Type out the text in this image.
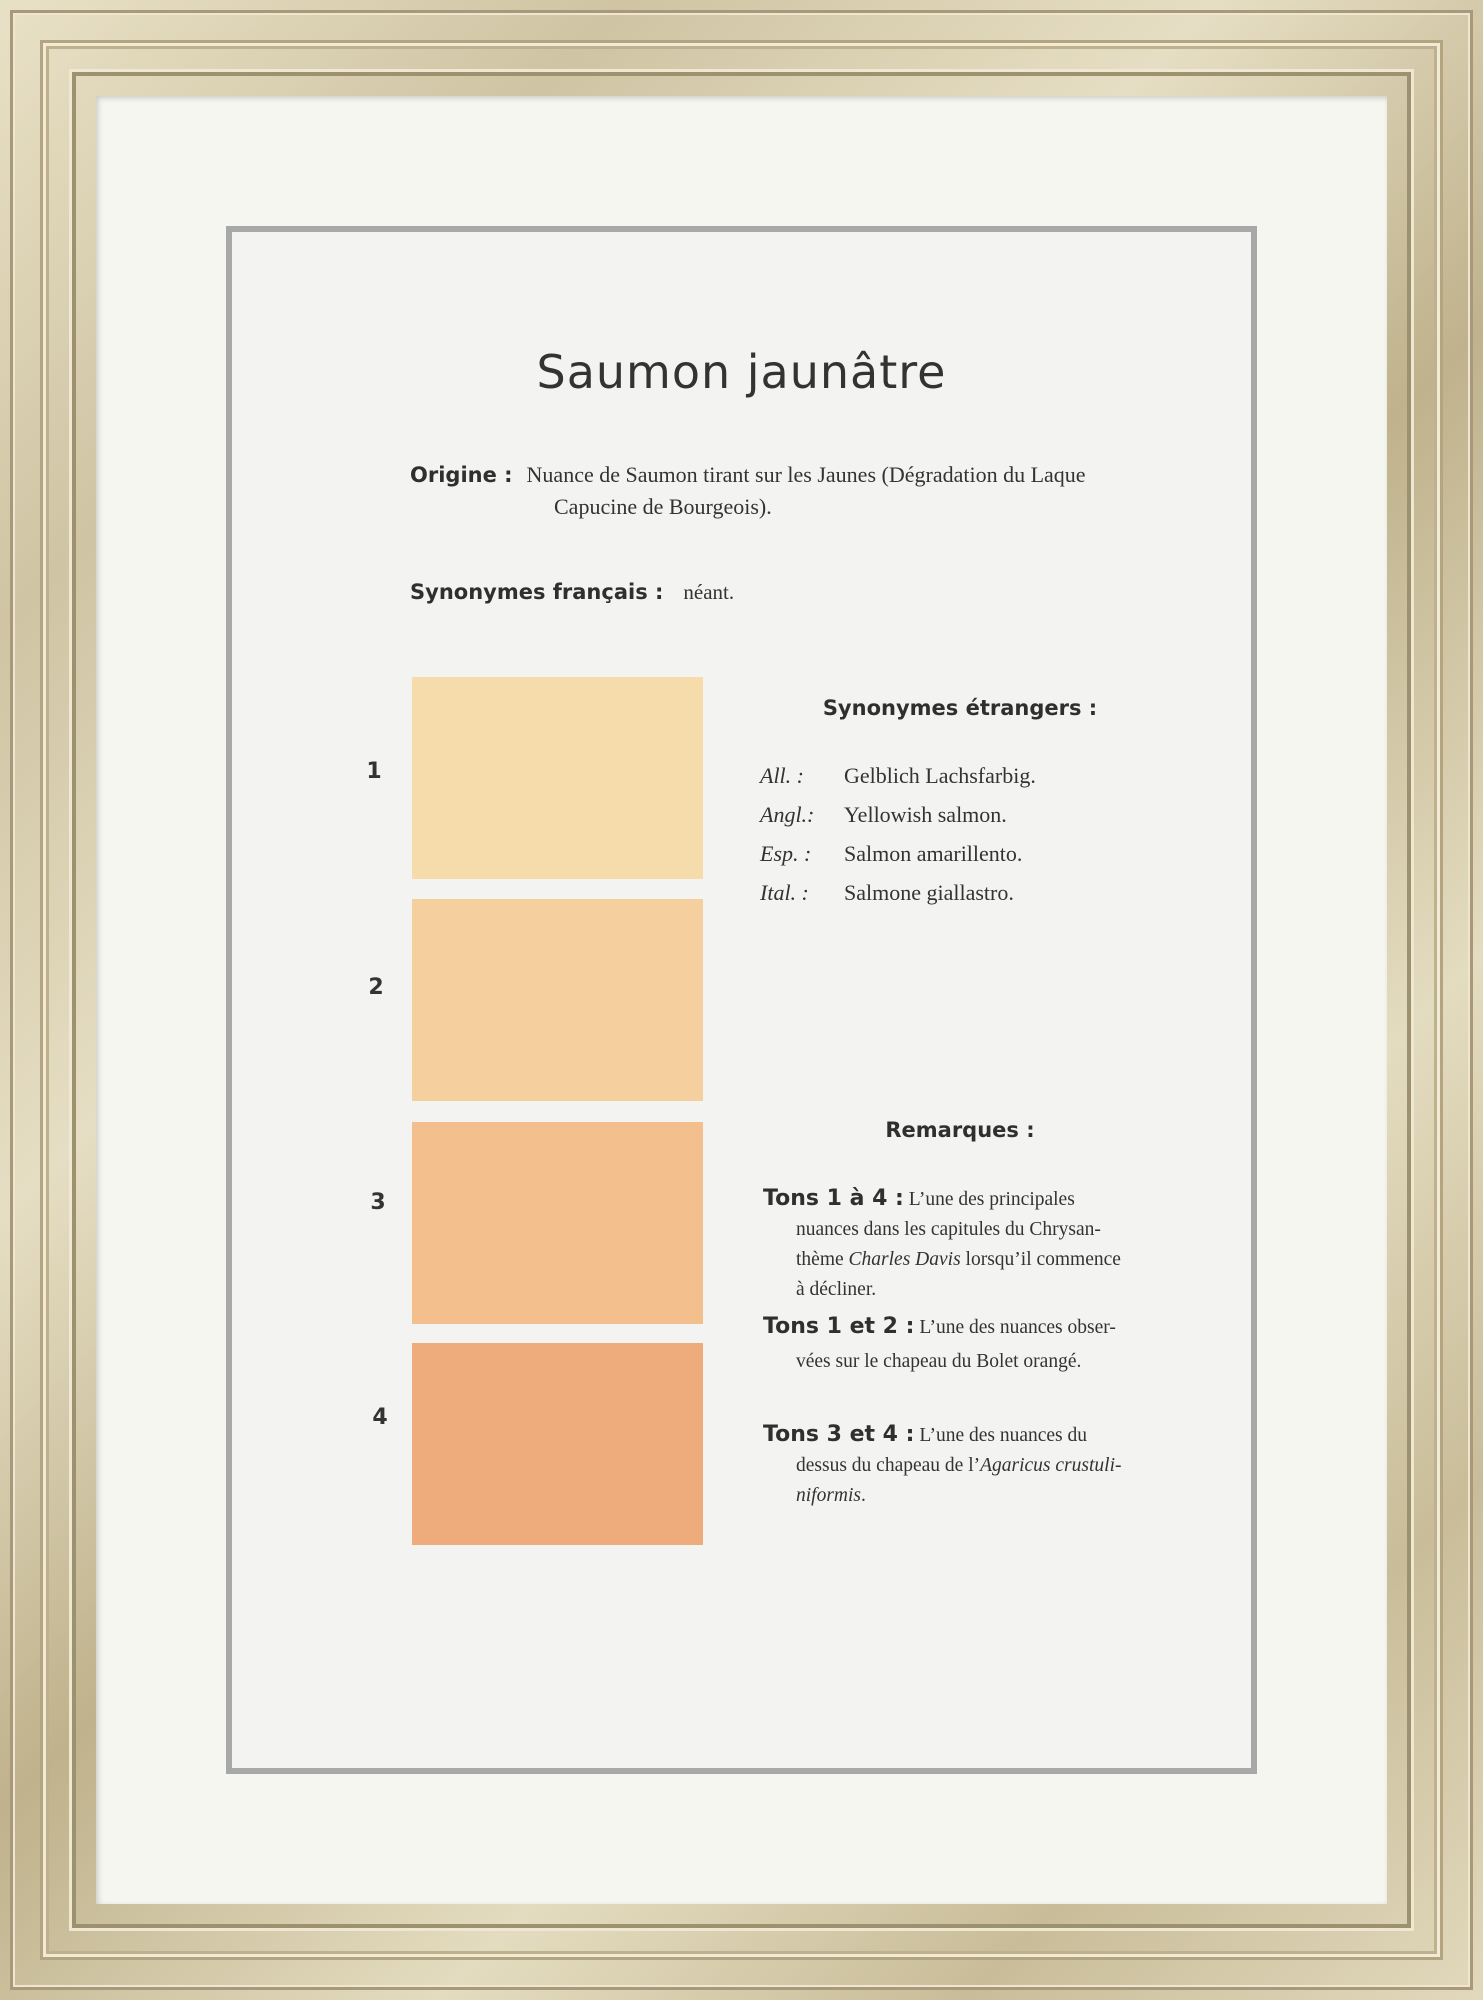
Saumon jaunâtre
Origine : Nuance de Saumon tirant sur les Jaunes (Dégradation du Laque
Capucine de Bourgeois).
Synonymes français : néant.
1
2
3
4
Synonymes étrangers :
All. : Gelblich Lachsfarbig.
Angl.: Yellowish salmon.
Esp. : Salmon amarillento.
Ital. : Salmone giallastro.
Remarques :
Tons 1 à 4 : L’une des principales
nuances dans les capitules du Chrysan-
thème Charles Davis lorsqu’il commence
à décliner.
Tons 1 et 2 : L’une des nuances obser-
vées sur le chapeau du Bolet orangé.
Tons 3 et 4 : L’une des nuances du
dessus du chapeau de l’Agaricus crustuli-
niformis.
